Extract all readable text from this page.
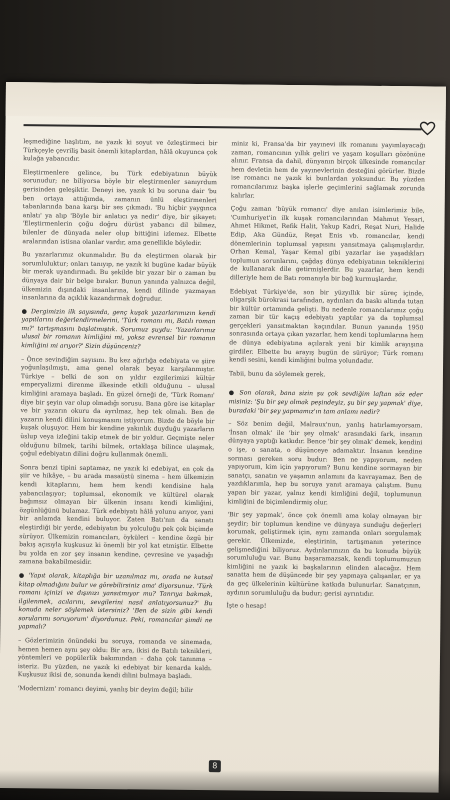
leşmediğine lıaşlıtım, ne yazık ki soyut ve özleştirmeci bir Türkçeyle çevriliş basit önemli kitaplardan, hâlâ okuyunca çok kulağa yabancıdır.

Eleştirmenlere gelince, bu Türk edebiyatının büyük sorunudur; ne biliyorsa böyle bir eleştirmenler sanıyrdum gerisinden geleşiktir. Deneyi ise, yazık ki bu soruna dair 'bu ben ortaya attığımda, zamanın ünlü eleştirmenleri tabanlarında bana karşı bir ses çıkmadı. 'Bu hiçbir yaygınca anlatı' ya alıp 'Böyle bir anlatıcı ya nedir' diye, bir şikayet: 'Eleştirmenlerin çoğu doğru dürüst yabancı dil bilmez, bilenler de dünyada neler olup bittiğini izlemez. Elbette aralarından istisna olanlar vardır, ama genellikle böyledir.

Bu yazarlarımız okunmalıdır. Bu da eleştirmen olarak bir sorumluluktur; onları tanıyıp, ne yazık ki bugüne kadar büyük bir merak uyandırmadı. Bu şekilde bir yazar bir o zaman bu dünyaya dair bir belge bırakır. Bunun yanında yalnızca değil, ülkemizin dışındaki insanlarına, kendi dilinde yazmayan insanlarına da açıklık kazandırmak doğrudur.

● Dergimizin ilk sayısında, genç kuşak yazarlarımızın kendi yapıtlarını değerlendirmelerini, 'Türk romanı mı, Batılı roman mı?' tartışmasını başlatmıştık. Sorumuz şuydu: 'Yazarlarımız ulusal bir romanın kimliğini mi, yoksa evrensel bir romanın kimliğini mi arıyor?' Sizin düşünceniz?

– Önce sevindiğim sayısını. Bu kez ağırlığa edebiyata ve şiire yoğunlaşılmıştı, ama genel olarak beyaz karşılanmıştır. Türkiye – belki de son on yıldır ezgilerimizi kültür emperyalizmi direnme ilkesinde etkili olduğunu – ulusal kimliğini aramaya başladı. En güzel örneği de, 'Türk Romanı' diye bir şeyin var olup olmadığı sorusu. Bana göre ise kitaplar ve bir yazarın okuru da ayrılmaz, hep tek olmalı. Ben de yazarın kendi dilini konuşmasını istiyorum. Bizde de böyle bir kuşak oluşuyor. Hem bir kendine yakınlık duyduğu yazarların üslup veya izleğini takip etmek de bir yoldur. Geçmişte neler olduğunu bilmek, tarihi bilmek, ortaklaşa bilince ulaşmak, çoğul edebiyatın dilini doğru kullanmak önemli.

Sonra benzi tipini saptamaz, ne yazık ki edebiyat, en çok da şiir ve hikâye, – bu arada masaüstü sinema – hem ülkemizin kendi kitaplarını, hem hem kendi kendisine hala yabancılaşıyor; toplumsal, ekonomik ve kültürel olarak bağımsız olmayan bir ülkenin insanı kendi kimliğini, özgünlüğünü bulamaz. Türk edebiyatı hâlâ yolunu arıyor, yani bir anlamda kendini buluyor. Zaten Batı'nın da sanatı eleştirdiği bir yerde, edebiyatın bu yolculuğu pek çok biçimde sürüyor. Ülkemizin romancıları, öyküleri – kendine özgü bir bakış açısıyla kuşkusuz ki önemli bir yol kat etmiştir. Elbette bu yolda en zor şey insanın kendine, çevresine ve yaşadığı zamana bakabilmesidir.

● 'Yapıt olarak, kitaplığa bir uzanılmaz mı, orada ne kutsal kitap olmadığını bulur ve görebilirsiniz ama' diyorsunuz. 'Türk romanı içinizi ve dışınızı yansıtmıyor mu? Tanrıya bakmak, ilgilenmek, acılarını, sevgilerini nasıl anlatıyorsunuz?' Bu konuda neler söylemek istersiniz? 'Ben de sizin gibi kendi sorularımı soruyorum' diyordunuz. Peki, romancılar şimdi ne yapmalı?

– Gözlerimizin önündeki bu soruya, romanda ve sinemada, hemen hemen aynı şey oldu: Bir ara, ikisi de Batılı teknikleri, yöntemleri ve popülerlik bakımından – daha çok tanınma – isteriz. Bu yüzden, ne yazık ki edebiyat bir kenarda kaldı. Kuşkusuz ikisi de, sonunda kendi dilini bulmaya başladı.

'Modernizm' romancı deyimi, yanlış bir deyim değil; bilir

miniz ki, Fransa'da bir yayınevi ilk romanını yayımlayacağı zaman, romancının yıllık geliri ve yaşam koşulları gözönüne alınır. Fransa da dahil, dünyanın birçok ülkesinde romancılar hem devletin hem de yayınevlerinin desteğini görürler. Bizde ise romancı ne yazık ki bunlardan yoksundur. Bu yüzden romancılarımız başka işlerle geçimlerini sağlamak zorunda kalırlar.

Çoğu zaman 'büyük romancı' diye anılan isimlerimiz bile, 'Cumhuriyet'in ilk kuşak romancılarından Mahmut Yesari, Ahmet Hikmet, Refik Halit, Yakup Kadri, Reşat Nuri, Halide Edip, Aka Gündüz, Reşat Enis vb. romancılar, kendi dönemlerinin toplumsal yapısını yansıtmaya çalışmışlardır. Orhan Kemal, Yaşar Kemal gibi yazarlar ise yaşadıkları toplumun sorunlarını, çağdaş dünya edebiyatının tekniklerini de kullanarak dile getirmişlerdir. Bu yazarlar, hem kendi dilleriyle hem de Batı romanıyla bir bağ kurmuşlardır.

Edebiyat Türkiye'de, son bir yüzyıllık bir süreç içinde, oligarşik bürokrasi tarafından, aydınları da baskı altında tutan bir kültür ortamında gelişti. Bu nedenle romancılarımız çoğu zaman bir tür kaçış edebiyatı yaptılar ya da toplumsal gerçekleri yansıtmaktan kaçındılar. Bunun yanında 1950 sonrasında ortaya çıkan yazarlar, hem kendi toplumlarına hem de dünya edebiyatına açılarak yeni bir kimlik arayışına girdiler. Elbette bu arayış bugün de sürüyor; Türk romanı kendi sesini, kendi kimliğini bulma yolundadır.

Tabii, bunu da söylemek gerek.

● Son olarak, bana sizin şu çok sevdiğim laftan söz eder misiniz: 'Şu bir şey olmak peşindeyiz, şu bir şey yapmak' diye, buradaki 'bir şey yapmamız'ın tam anlamı nedir?

– Söz benim değil, Malraux'nun, yanlış hatırlamıyorsam. 'İnsan olmak' ile 'bir şey olmak' arasındaki fark, insanın dünyaya yaptığı katkıdır. Bence 'bir şey olmak' demek, kendini o işe, o sanata, o düşünceye adamaktır. İnsanın kendine sorması gereken soru budur: Ben ne yapıyorum, neden yapıyorum, kim için yapıyorum? Bunu kendine sormayan bir sanatçı, sanatın ve yaşamın anlamını da kavrayamaz. Ben de yazdıklarımla, hep bu soruya yanıt aramaya çalıştım. Bunu yapan bir yazar, yalnız kendi kimliğini değil, toplumunun kimliğini de biçimlendirmiş olur.

'Bir şey yapmak', önce çok önemli ama kolay olmayan bir şeydir; bir toplumun kendine ve dünyaya sunduğu değerleri korumak, geliştirmek için, aynı zamanda onları sorgulamak gerekir. Ülkemizde, eleştirinin, tartışmanın yeterince gelişmediğini biliyoruz. Aydınlarımızın da bu konuda büyük sorumluluğu var. Bunu başaramazsak, kendi toplumumuzun kimliğini ne yazık ki başkalarının elinden alacağız. Hem sanatta hem de düşüncede bir şey yapmaya çalışanlar, er ya da geç ülkelerinin kültürüne katkıda bulunurlar. Sanatçının, aydının sorumluluğu da budur; gerisi ayrıntıdır.

İşte o hesap!

8
